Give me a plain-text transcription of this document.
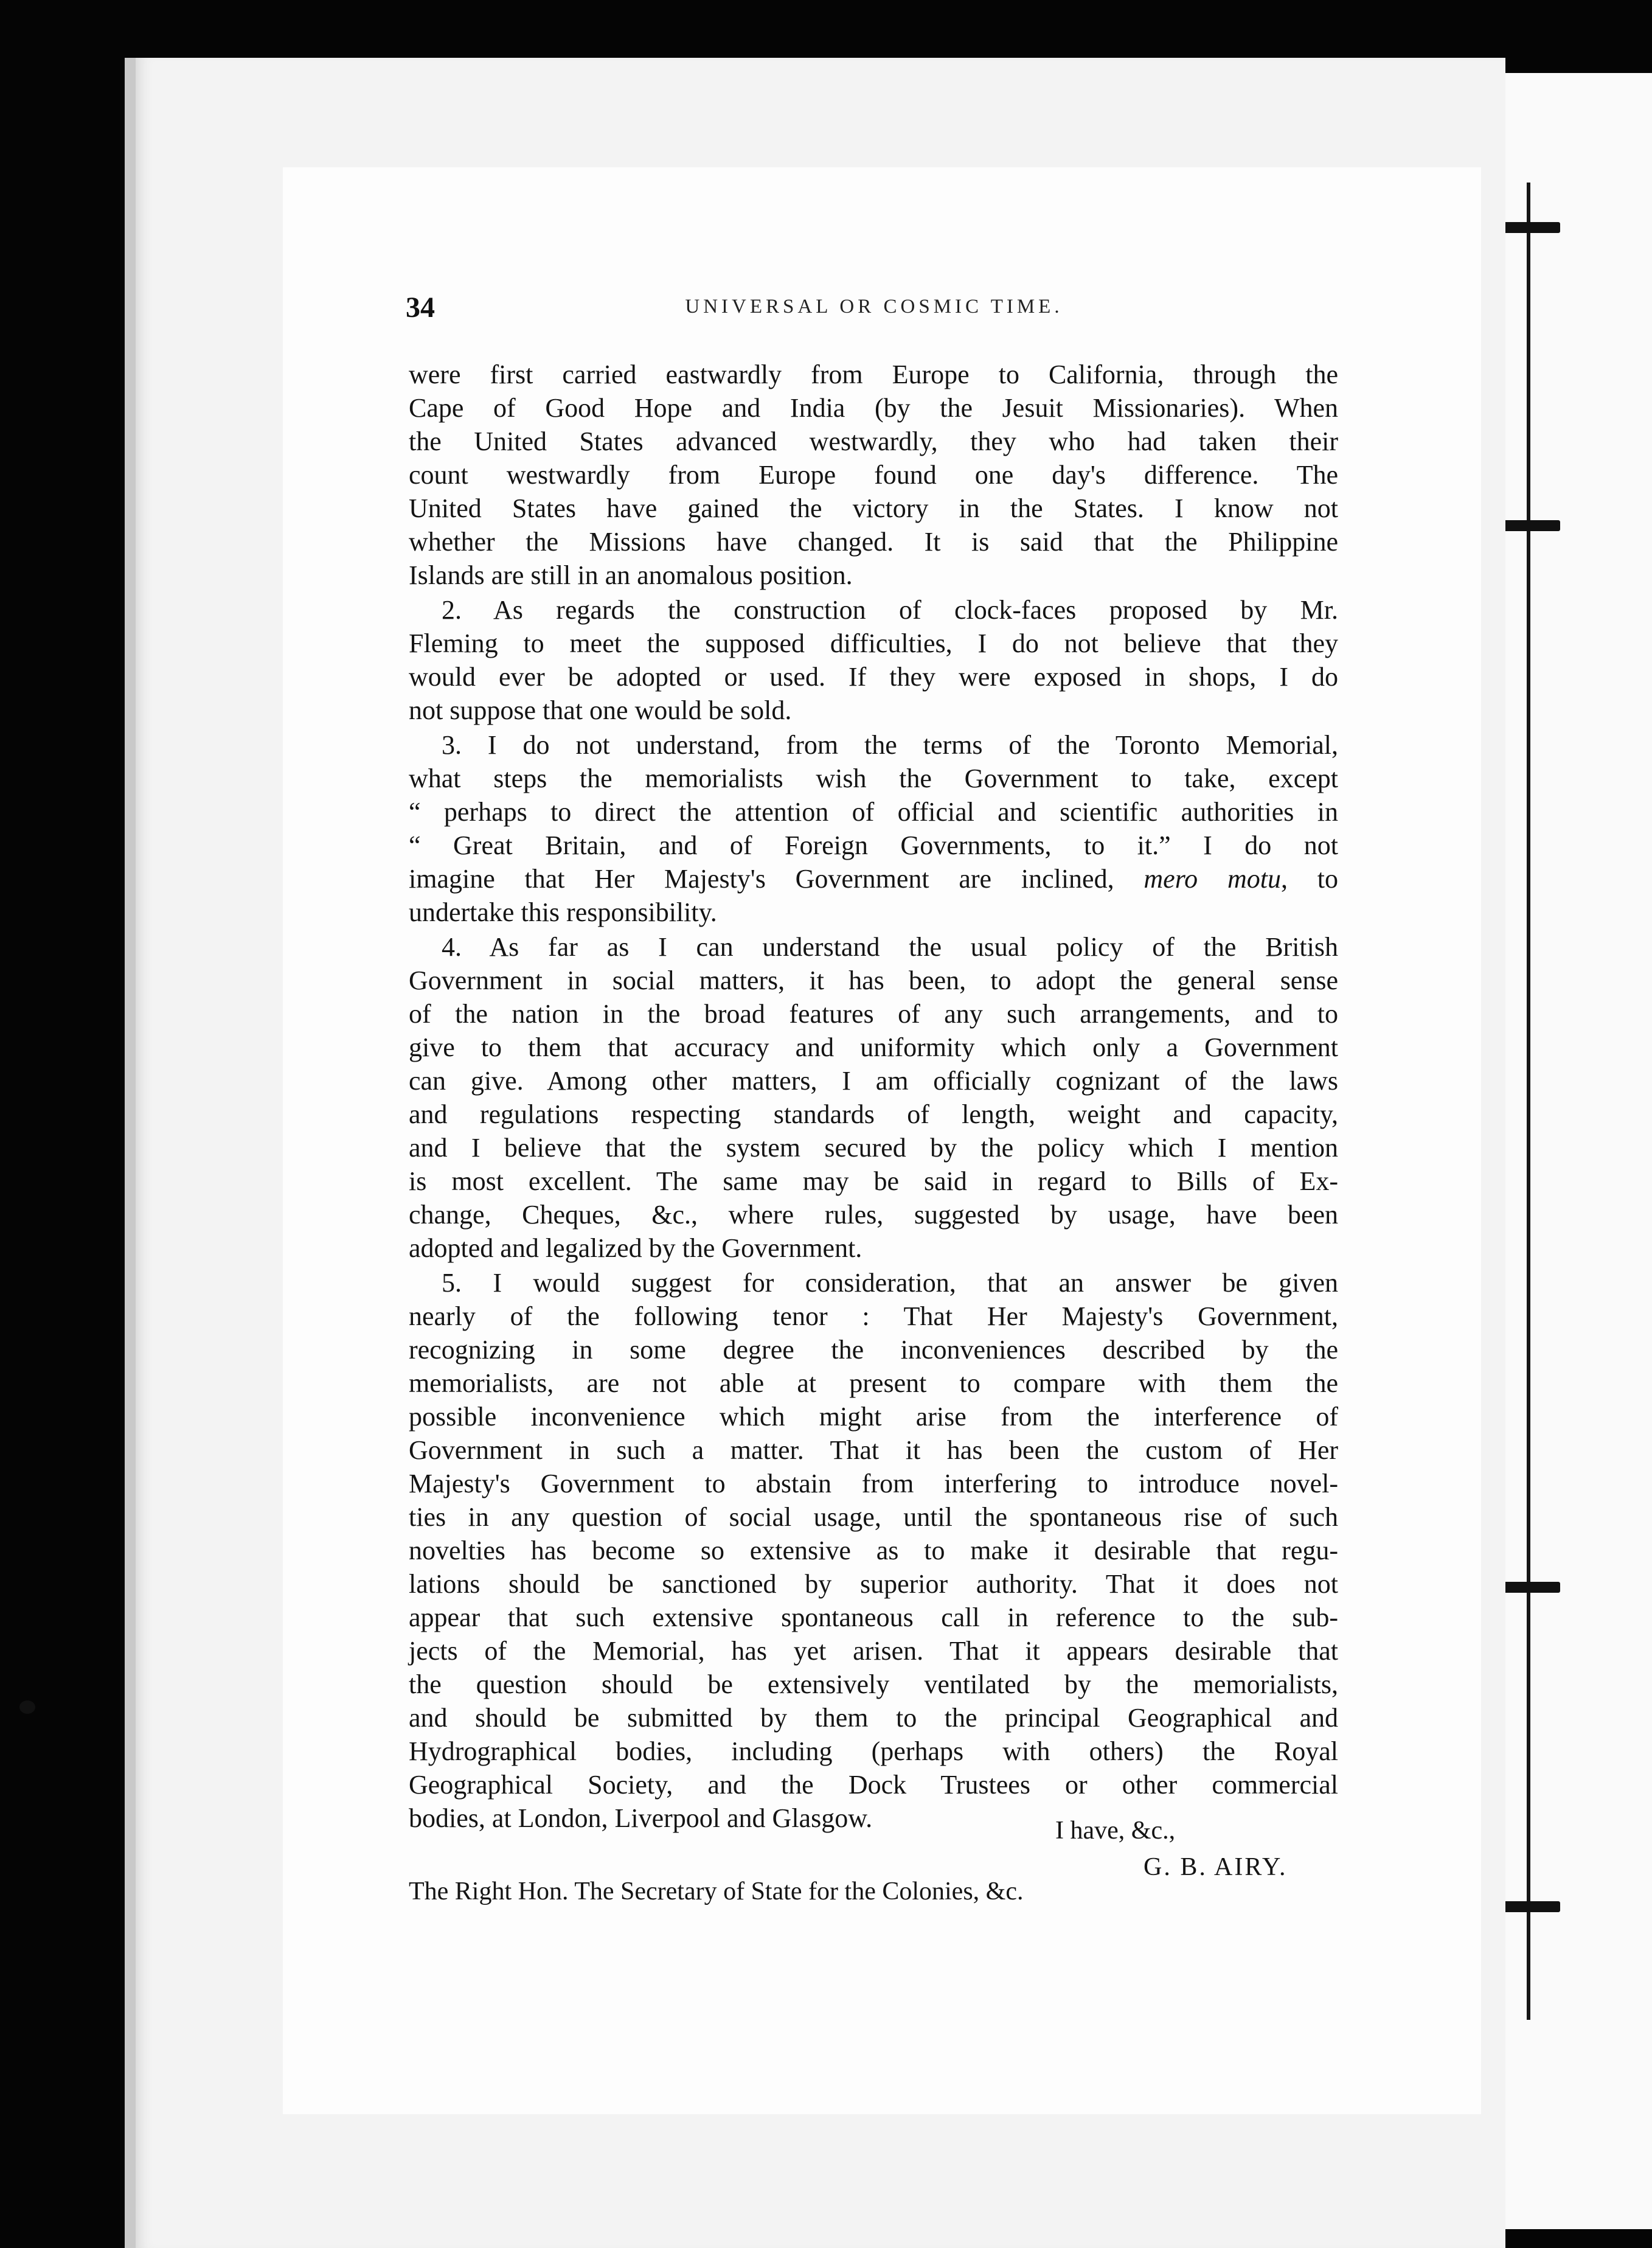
34	UNIVERSAL OR COSMIC TIME.
were first carried eastwardly from Europe to California, through the
Cape of Good Hope and India (by the Jesuit Missionaries). When
the United States advanced westwardly, they who had taken their
count westwardly from Europe found one day's difference. The
United States have gained the victory in the States. I know not
whether the Missions have changed. It is said that the Philippine
Islands are still in an anomalous position.
2. As regards the construction of clock-faces proposed by Mr.
Fleming to meet the supposed difficulties, I do not believe that they
would ever be adopted or used. If they were exposed in shops, I do
not suppose that one would be sold.
3. I do not understand, from the terms of the Toronto Memorial,
what steps the memorialists wish the Government to take, except
“ perhaps to direct the attention of official and scientific authorities in
“ Great Britain, and of Foreign Governments, to it.” I do not
imagine that Her Majesty's Government are inclined, mero motu, to
undertake this responsibility.
4. As far as I can understand the usual policy of the British
Government in social matters, it has been, to adopt the general sense
of the nation in the broad features of any such arrangements, and to
give to them that accuracy and uniformity which only a Government
can give. Among other matters, I am officially cognizant of the laws
and regulations respecting standards of length, weight and capacity,
and I believe that the system secured by the policy which I mention
is most excellent. The same may be said in regard to Bills of Ex-
change, Cheques, &c., where rules, suggested by usage, have been
adopted and legalized by the Government.
5. I would suggest for consideration, that an answer be given
nearly of the following tenor : That Her Majesty's Government,
recognizing in some degree the inconveniences described by the
memorialists, are not able at present to compare with them the
possible inconvenience which might arise from the interference of
Government in such a matter. That it has been the custom of Her
Majesty's Government to abstain from interfering to introduce novel-
ties in any question of social usage, until the spontaneous rise of such
novelties has become so extensive as to make it desirable that regu-
lations should be sanctioned by superior authority. That it does not
appear that such extensive spontaneous call in reference to the sub-
jects of the Memorial, has yet arisen. That it appears desirable that
the question should be extensively ventilated by the memorialists,
and should be submitted by them to the principal Geographical and
Hydrographical bodies, including (perhaps with others) the Royal
Geographical Society, and the Dock Trustees or other commercial
bodies, at London, Liverpool and Glasgow.	I have, &c.,
G. B. AIRY.
The Right Hon. The Secretary of State for the Colonies, &c.
